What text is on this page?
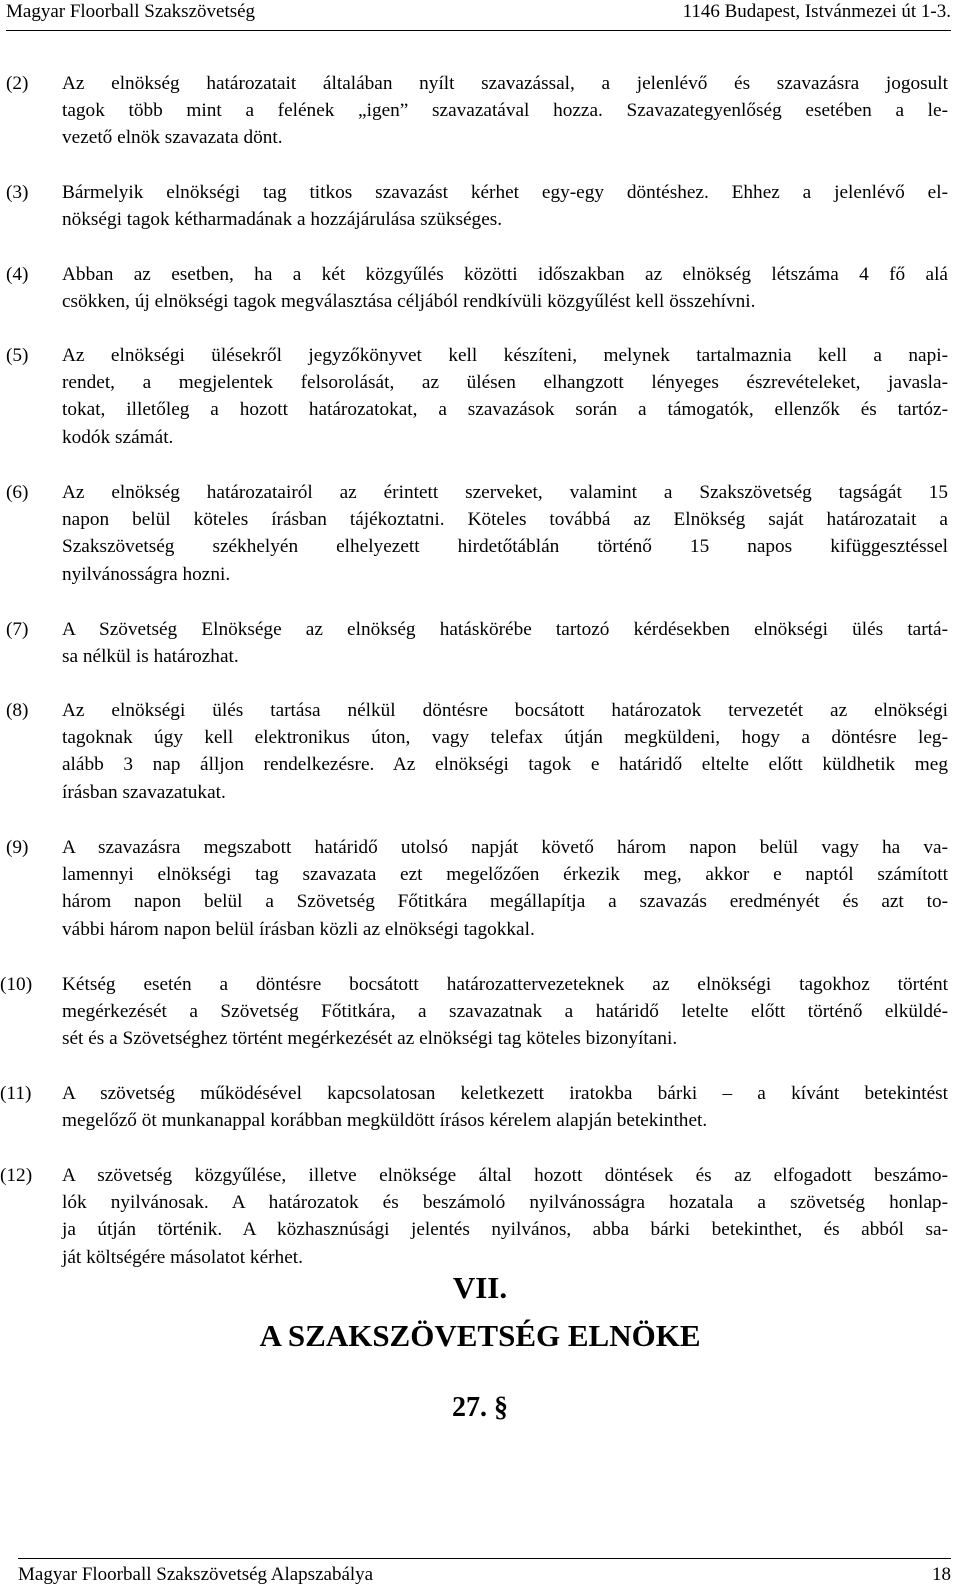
Magyar Floorball Szakszövetség	1146 Budapest, Istvánmezei út 1-3.
(2)	Az elnökség határozatait általában nyílt szavazással, a jelenlévő és szavazásra jogosult
tagok több mint a felének „igen” szavazatával hozza. Szavazategyenlőség esetében a le-
vezető elnök szavazata dönt.
(3)	Bármelyik elnökségi tag titkos szavazást kérhet egy-egy döntéshez. Ehhez a jelenlévő el-
nökségi tagok kétharmadának a hozzájárulása szükséges.
(4)	Abban az esetben, ha a két közgyűlés közötti időszakban az elnökség létszáma 4 fő alá
csökken, új elnökségi tagok megválasztása céljából rendkívüli közgyűlést kell összehívni.
(5)	Az elnökségi ülésekről jegyzőkönyvet kell készíteni, melynek tartalmaznia kell a napi-
rendet, a megjelentek felsorolását, az ülésen elhangzott lényeges észrevételeket, javasla-
tokat, illetőleg a hozott határozatokat, a szavazások során a támogatók, ellenzők és tartóz-
kodók számát.
(6)	Az elnökség határozatairól az érintett szerveket, valamint a Szakszövetség tagságát 15
napon belül köteles írásban tájékoztatni. Köteles továbbá az Elnökség saját határozatait a
Szakszövetség székhelyén elhelyezett hirdetőtáblán történő 15 napos kifüggesztéssel
nyilvánosságra hozni.
(7)	A Szövetség Elnöksége az elnökség hatáskörébe tartozó kérdésekben elnökségi ülés tartá-
sa nélkül is határozhat.
(8)	Az elnökségi ülés tartása nélkül döntésre bocsátott határozatok tervezetét az elnökségi
tagoknak úgy kell elektronikus úton, vagy telefax útján megküldeni, hogy a döntésre leg-
alább 3 nap álljon rendelkezésre. Az elnökségi tagok e határidő eltelte előtt küldhetik meg
írásban szavazatukat.
(9)	A szavazásra megszabott határidő utolsó napját követő három napon belül vagy ha va-
lamennyi elnökségi tag szavazata ezt megelőzően érkezik meg, akkor e naptól számított
három napon belül a Szövetség Főtitkára megállapítja a szavazás eredményét és azt to-
vábbi három napon belül írásban közli az elnökségi tagokkal.
(10)	Kétség esetén a döntésre bocsátott határozattervezeteknek az elnökségi tagokhoz történt
megérkezését a Szövetség Főtitkára, a szavazatnak a határidő letelte előtt történő elküldé-
sét és a Szövetséghez történt megérkezését az elnökségi tag köteles bizonyítani.
(11)	A szövetség működésével kapcsolatosan keletkezett iratokba bárki – a kívánt betekintést
megelőző öt munkanappal korábban megküldött írásos kérelem alapján betekinthet.
(12)	A szövetség közgyűlése, illetve elnöksége által hozott döntések és az elfogadott beszámo-
lók nyilvánosak. A határozatok és beszámoló nyilvánosságra hozatala a szövetség honlap-
ja útján történik. A közhasznúsági jelentés nyilvános, abba bárki betekinthet, és abból sa-
ját költségére másolatot kérhet.
VII.
A SZAKSZÖVETSÉG ELNÖKE
27. §
Magyar Floorball Szakszövetség Alapszabálya	18
